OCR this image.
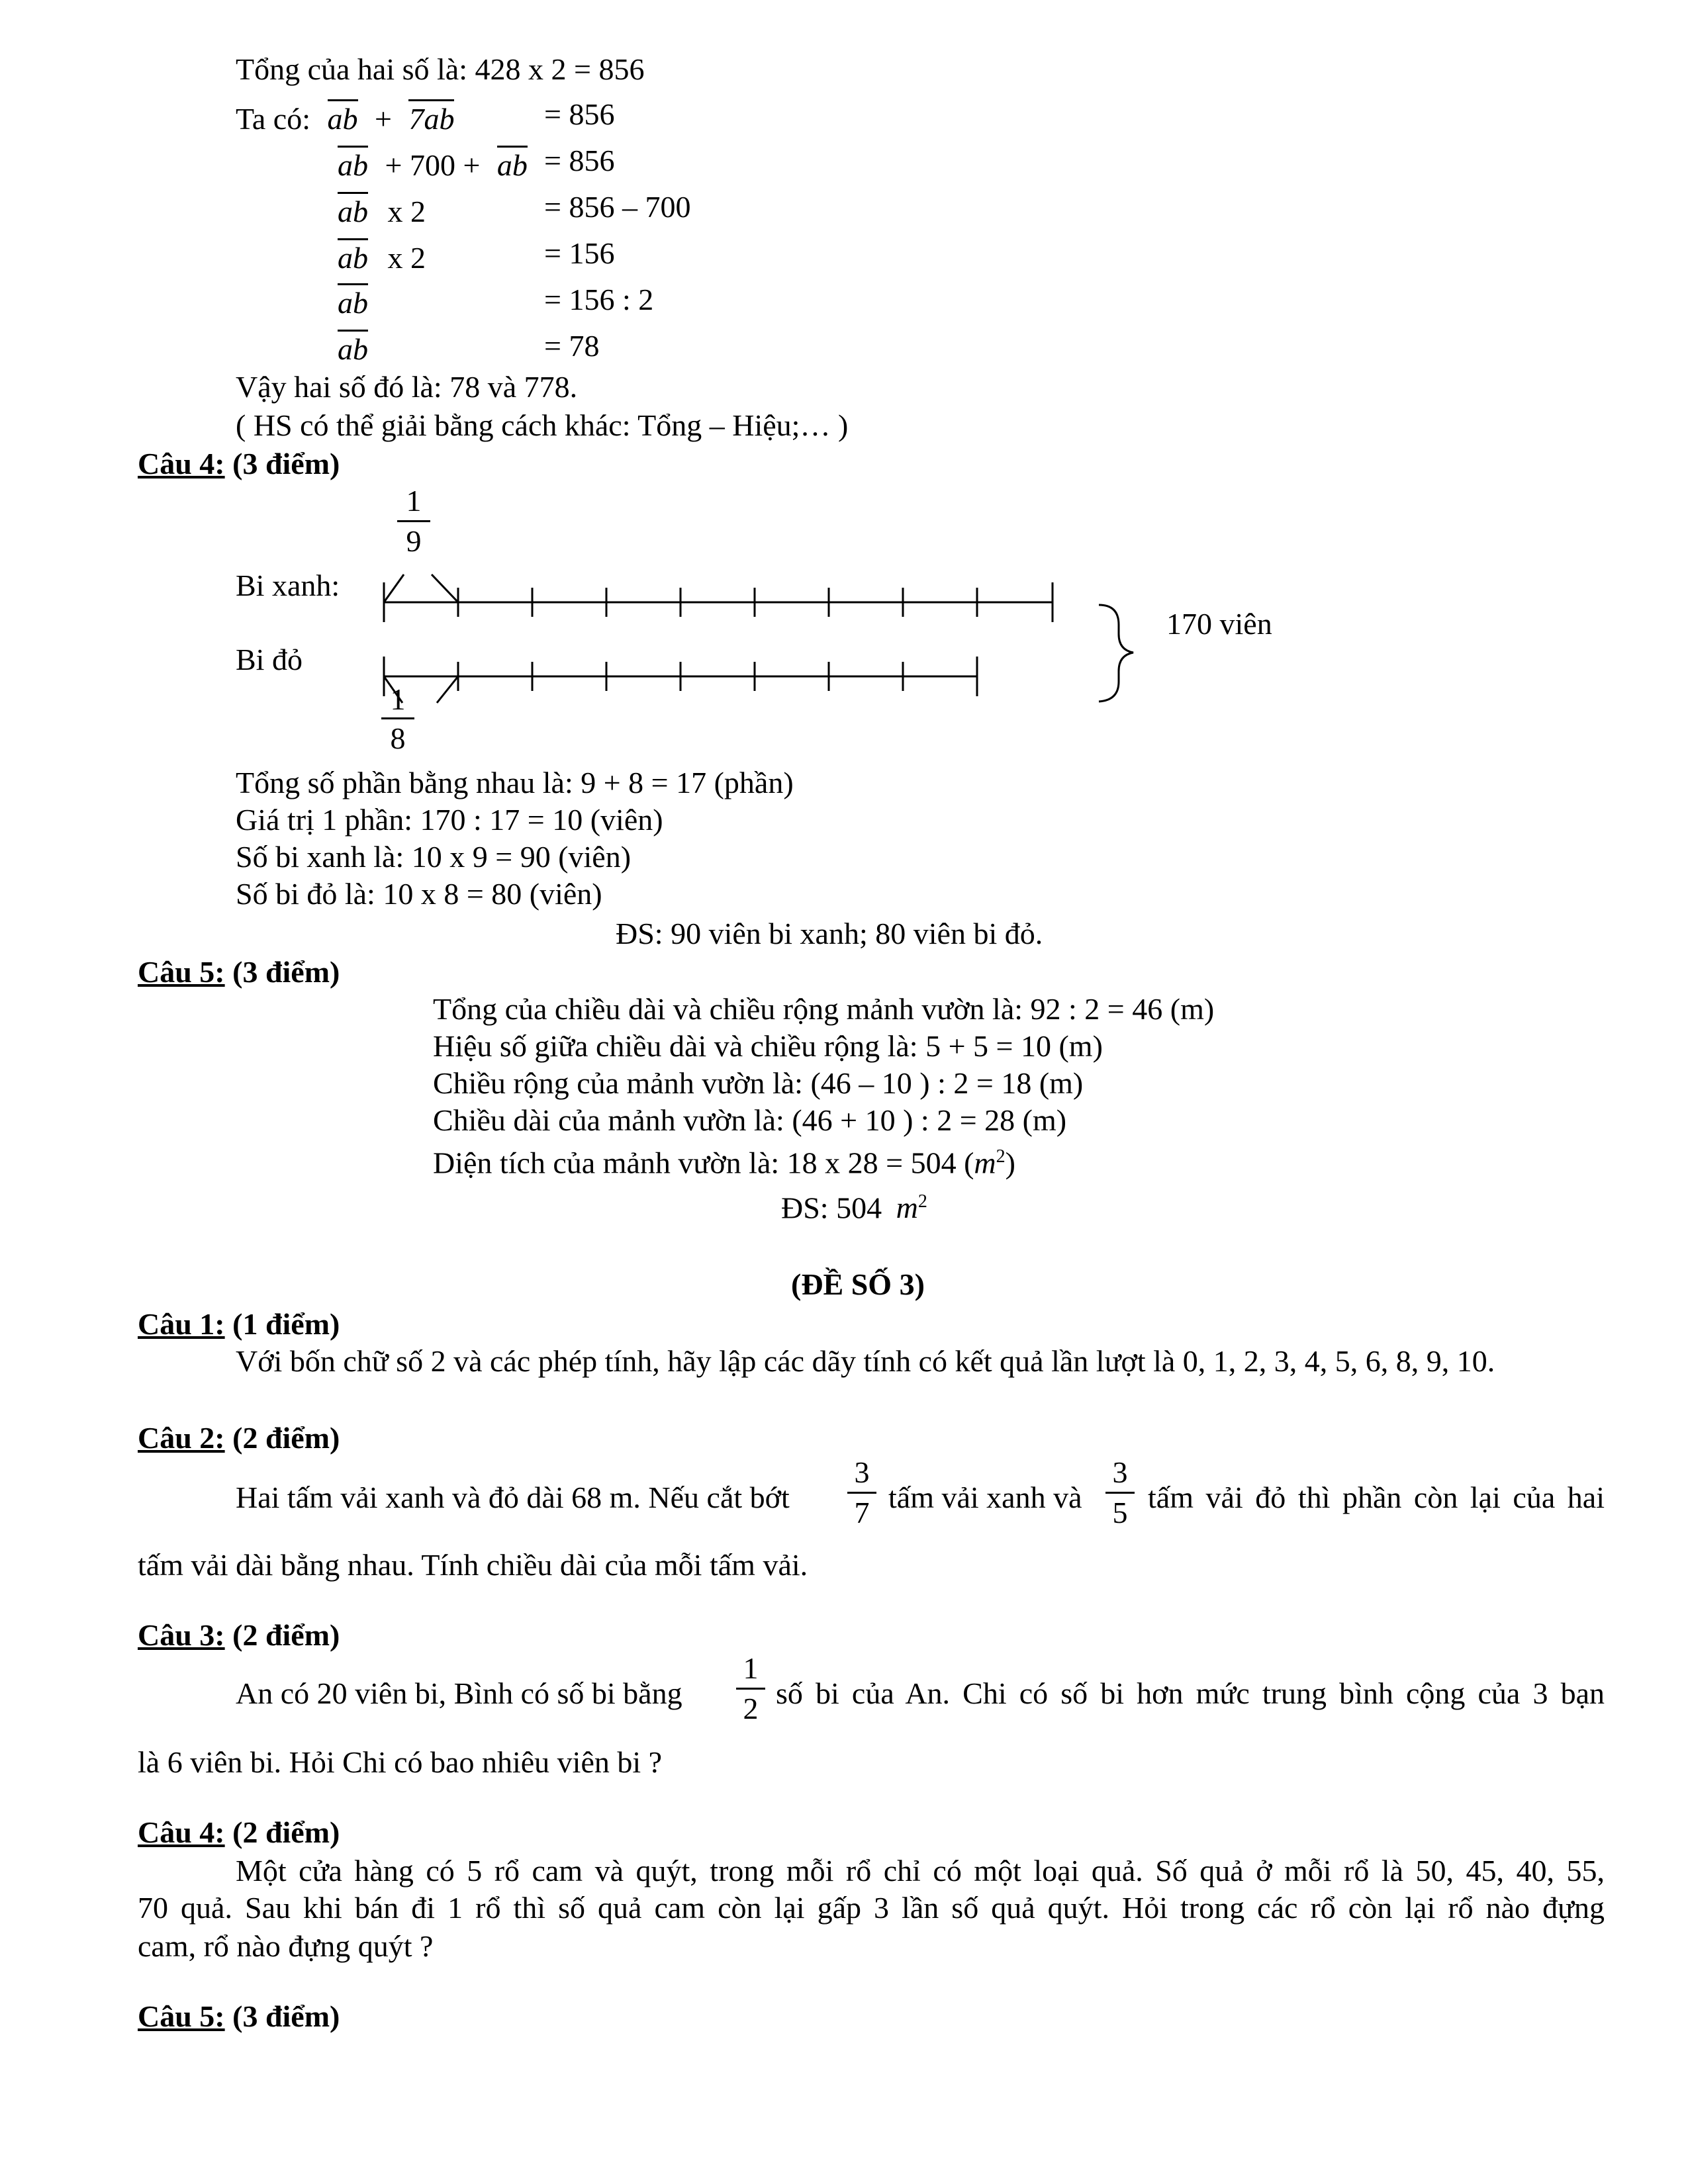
Tổng của hai số là: 428 x 2 = 856
Ta có: ab + 7ab	= 856
ab + 700 + ab = 856
ab x 2	= 856 – 700
ab x 2	= 156
ab	= 156 : 2
ab	= 78
Vậy hai số đó là: 78 và 778.
( HS có thể giải bằng cách khác: Tổng – Hiệu;… )
Câu 4: (3 điểm)
$\frac{1}{9}$
Bi xanh:
Bi đỏ
$\frac{1}{8}$
170 viên
Tổng số phần bằng nhau là: 9 + 8 = 17 (phần)
Giá trị 1 phần: 170 : 17 = 10 (viên)
Số bi xanh là: 10 x 9 = 90 (viên)
Số bi đỏ là: 10 x 8 = 80 (viên)
ĐS: 90 viên bi xanh; 80 viên bi đỏ.
Câu 5: (3 điểm)
Tổng của chiều dài và chiều rộng mảnh vườn là: 92 : 2 = 46 (m)
Hiệu số giữa chiều dài và chiều rộng là: 5 + 5 = 10 (m)
Chiều rộng của mảnh vườn là: (46 – 10 ) : 2 = 18 (m)
Chiều dài của mảnh vườn là: (46 + 10 ) : 2 = 28 (m)
Diện tích của mảnh vườn là: 18 x 28 = 504 $(m^2)$
ĐS: 504 $m^2$
(ĐỀ SỐ 3)
Câu 1: (1 điểm)
Với bốn chữ số 2 và các phép tính, hãy lập các dãy tính có kết quả lần lượt là 0, 1, 2, 3, 4, 5, 6, 8, 9, 10.
Câu 2: (2 điểm)
Hai tấm vải xanh và đỏ dài 68 m. Nếu cắt bớt $\frac{3}{7}$ tấm vải xanh và $\frac{3}{5}$ tấm vải đỏ thì phần còn lại của hai
tấm vải dài bằng nhau. Tính chiều dài của mỗi tấm vải.
Câu 3: (2 điểm)
An có 20 viên bi, Bình có số bi bằng $\frac{1}{2}$ số bi của An. Chi có số bi hơn mức trung bình cộng của 3 bạn
là 6 viên bi. Hỏi Chi có bao nhiêu viên bi ?
Câu 4: (2 điểm)
Một cửa hàng có 5 rổ cam và quýt, trong mỗi rổ chỉ có một loại quả. Số quả ở mỗi rổ là 50, 45, 40, 55,
70 quả. Sau khi bán đi 1 rổ thì số quả cam còn lại gấp 3 lần số quả quýt. Hỏi trong các rổ còn lại rổ nào đựng
cam, rổ nào đựng quýt ?
Câu 5: (3 điểm)
